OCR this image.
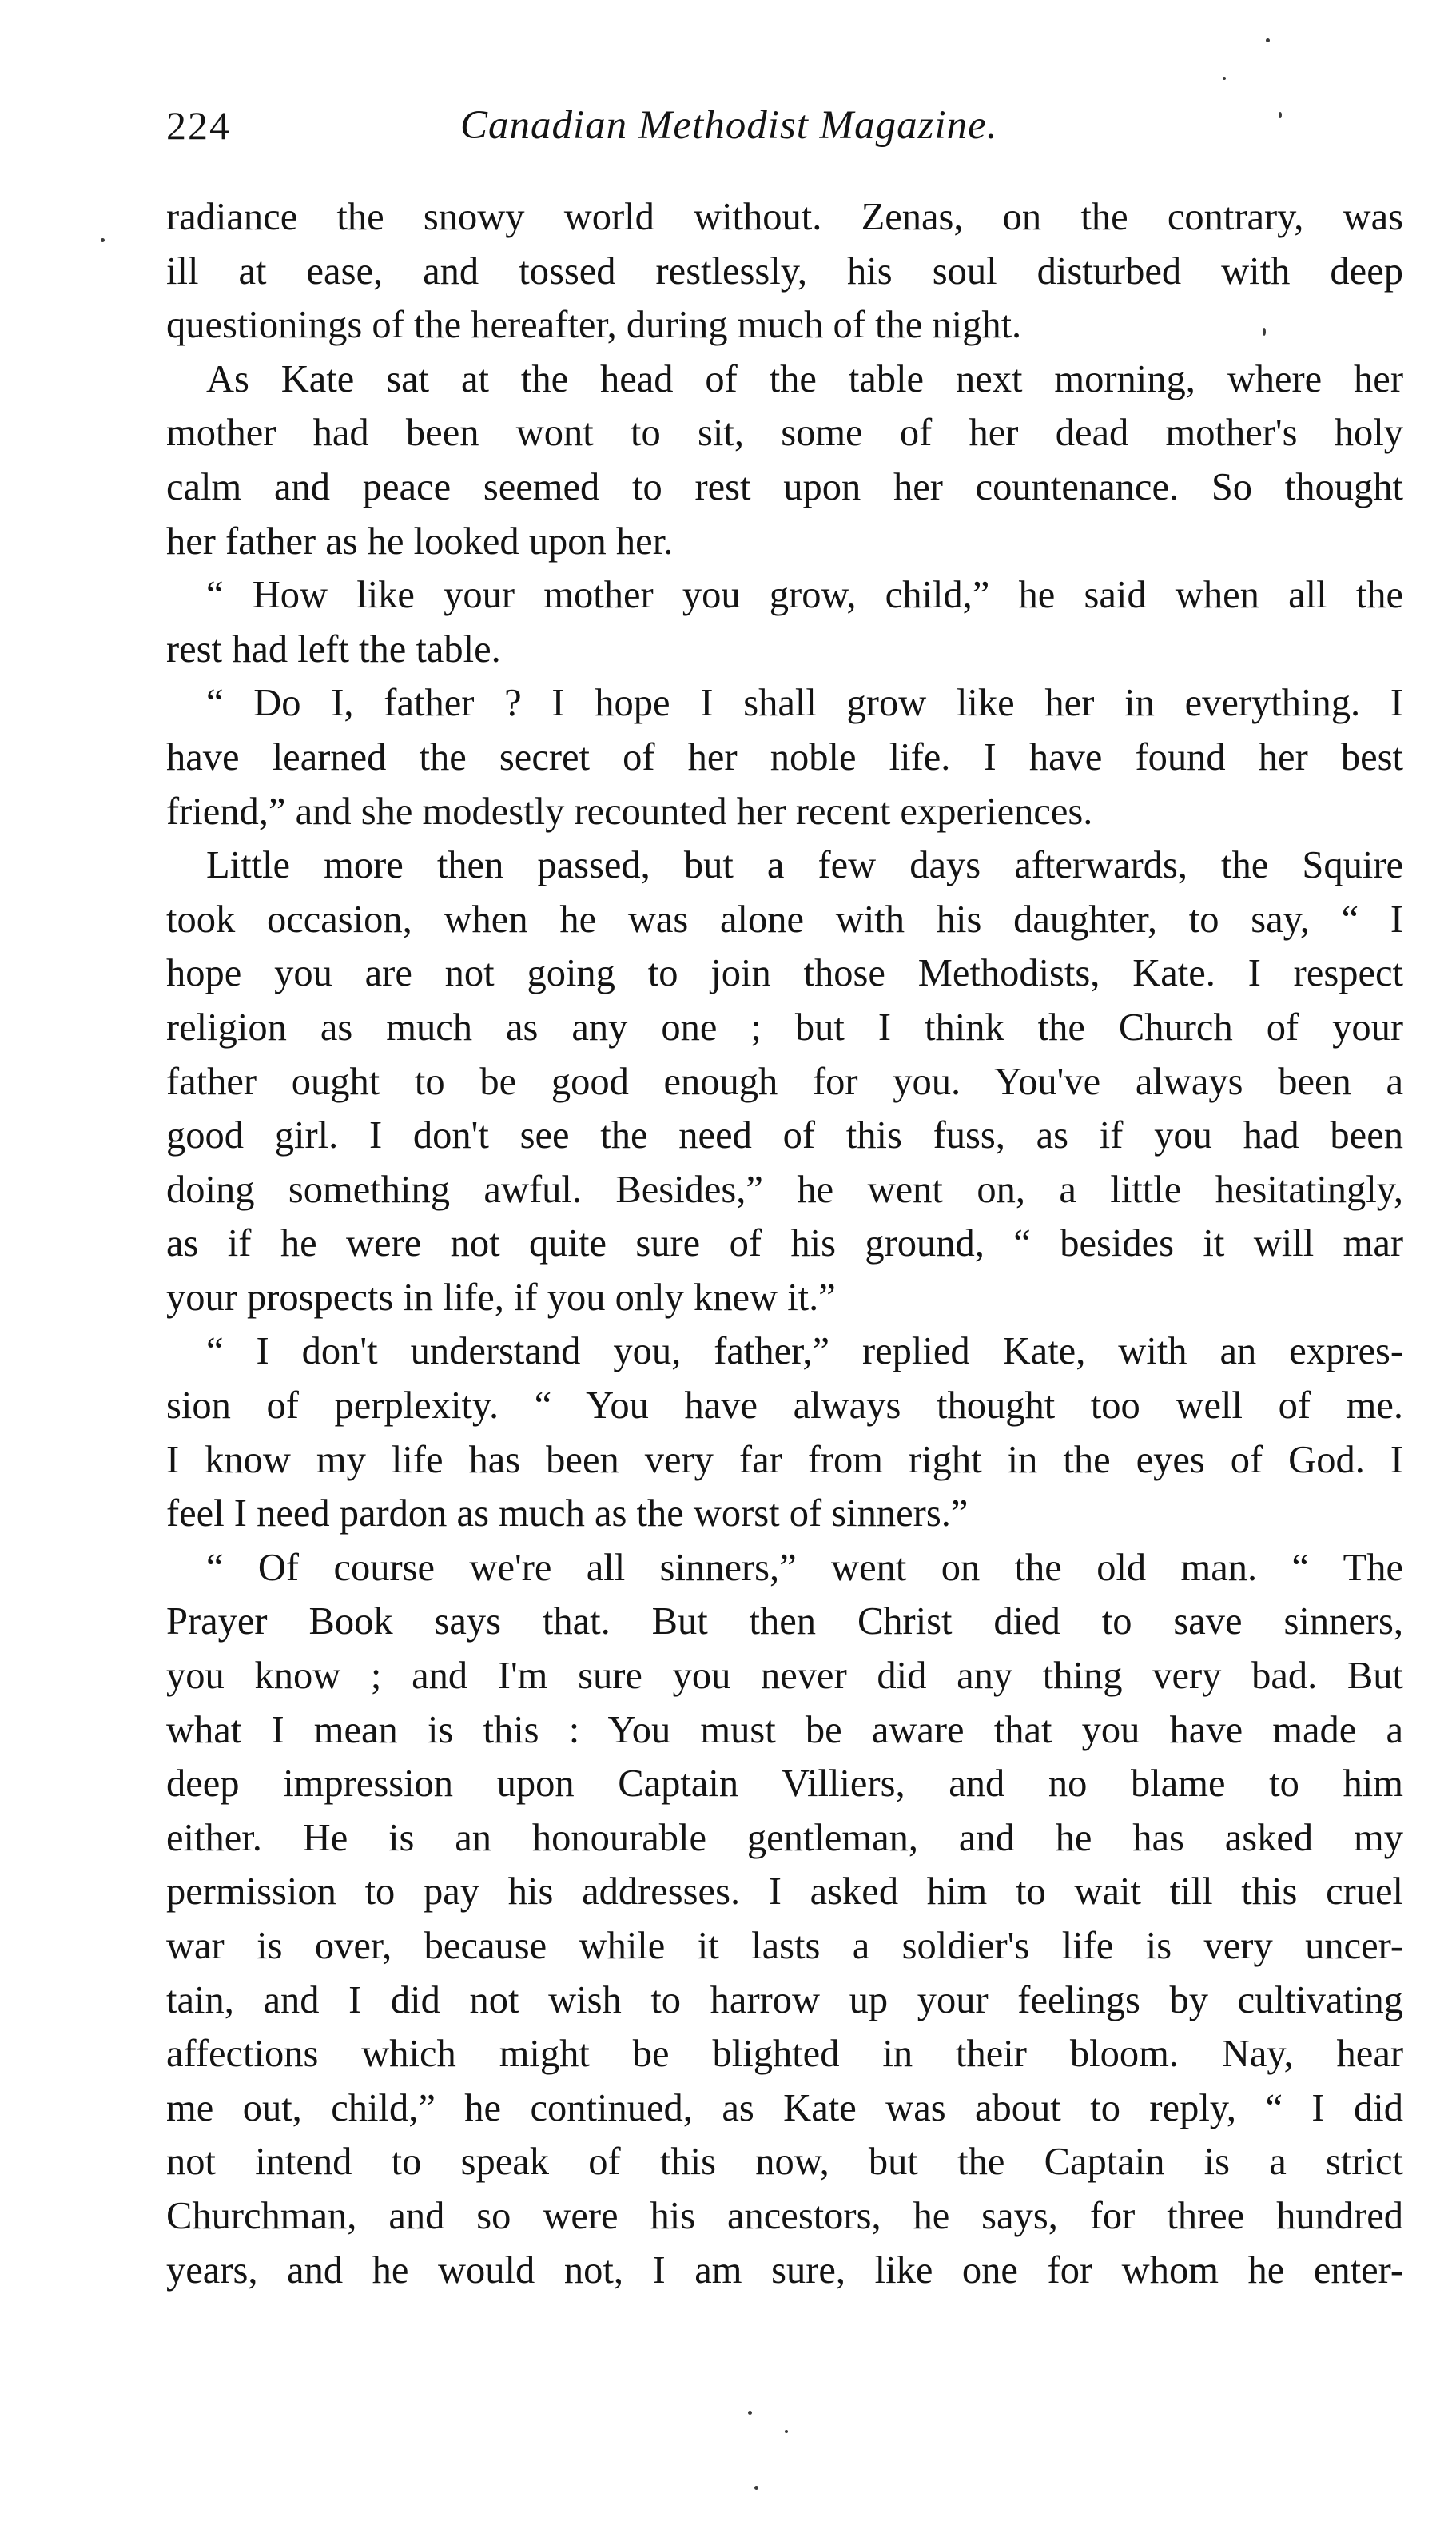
224	Canadian Methodist Magazine.
radiance the snowy world without. Zenas, on the contrary, was
ill at ease, and tossed restlessly, his soul disturbed with deep
questionings of the hereafter, during much of the night.
As Kate sat at the head of the table next morning, where her
mother had been wont to sit, some of her dead mother's holy
calm and peace seemed to rest upon her countenance. So thought
her father as he looked upon her.
“ How like your mother you grow, child,” he said when all the
rest had left the table.
“ Do I, father ? I hope I shall grow like her in everything. I
have learned the secret of her noble life. I have found her best
friend,” and she modestly recounted her recent experiences.
Little more then passed, but a few days afterwards, the Squire
took occasion, when he was alone with his daughter, to say, “ I
hope you are not going to join those Methodists, Kate. I respect
religion as much as any one ; but I think the Church of your
father ought to be good enough for you. You've always been a
good girl. I don't see the need of this fuss, as if you had been
doing something awful. Besides,” he went on, a little hesitatingly,
as if he were not quite sure of his ground, “ besides it will mar
your prospects in life, if you only knew it.”
“ I don't understand you, father,” replied Kate, with an expres-
sion of perplexity. “ You have always thought too well of me.
I know my life has been very far from right in the eyes of God. I
feel I need pardon as much as the worst of sinners.”
“ Of course we're all sinners,” went on the old man. “ The
Prayer Book says that. But then Christ died to save sinners,
you know ; and I'm sure you never did any thing very bad. But
what I mean is this : You must be aware that you have made a
deep impression upon Captain Villiers, and no blame to him
either. He is an honourable gentleman, and he has asked my
permission to pay his addresses. I asked him to wait till this cruel
war is over, because while it lasts a soldier's life is very uncer-
tain, and I did not wish to harrow up your feelings by cultivating
affections which might be blighted in their bloom. Nay, hear
me out, child,” he continued, as Kate was about to reply, “ I did
not intend to speak of this now, but the Captain is a strict
Churchman, and so were his ancestors, he says, for three hundred
years, and he would not, I am sure, like one for whom he enter-
